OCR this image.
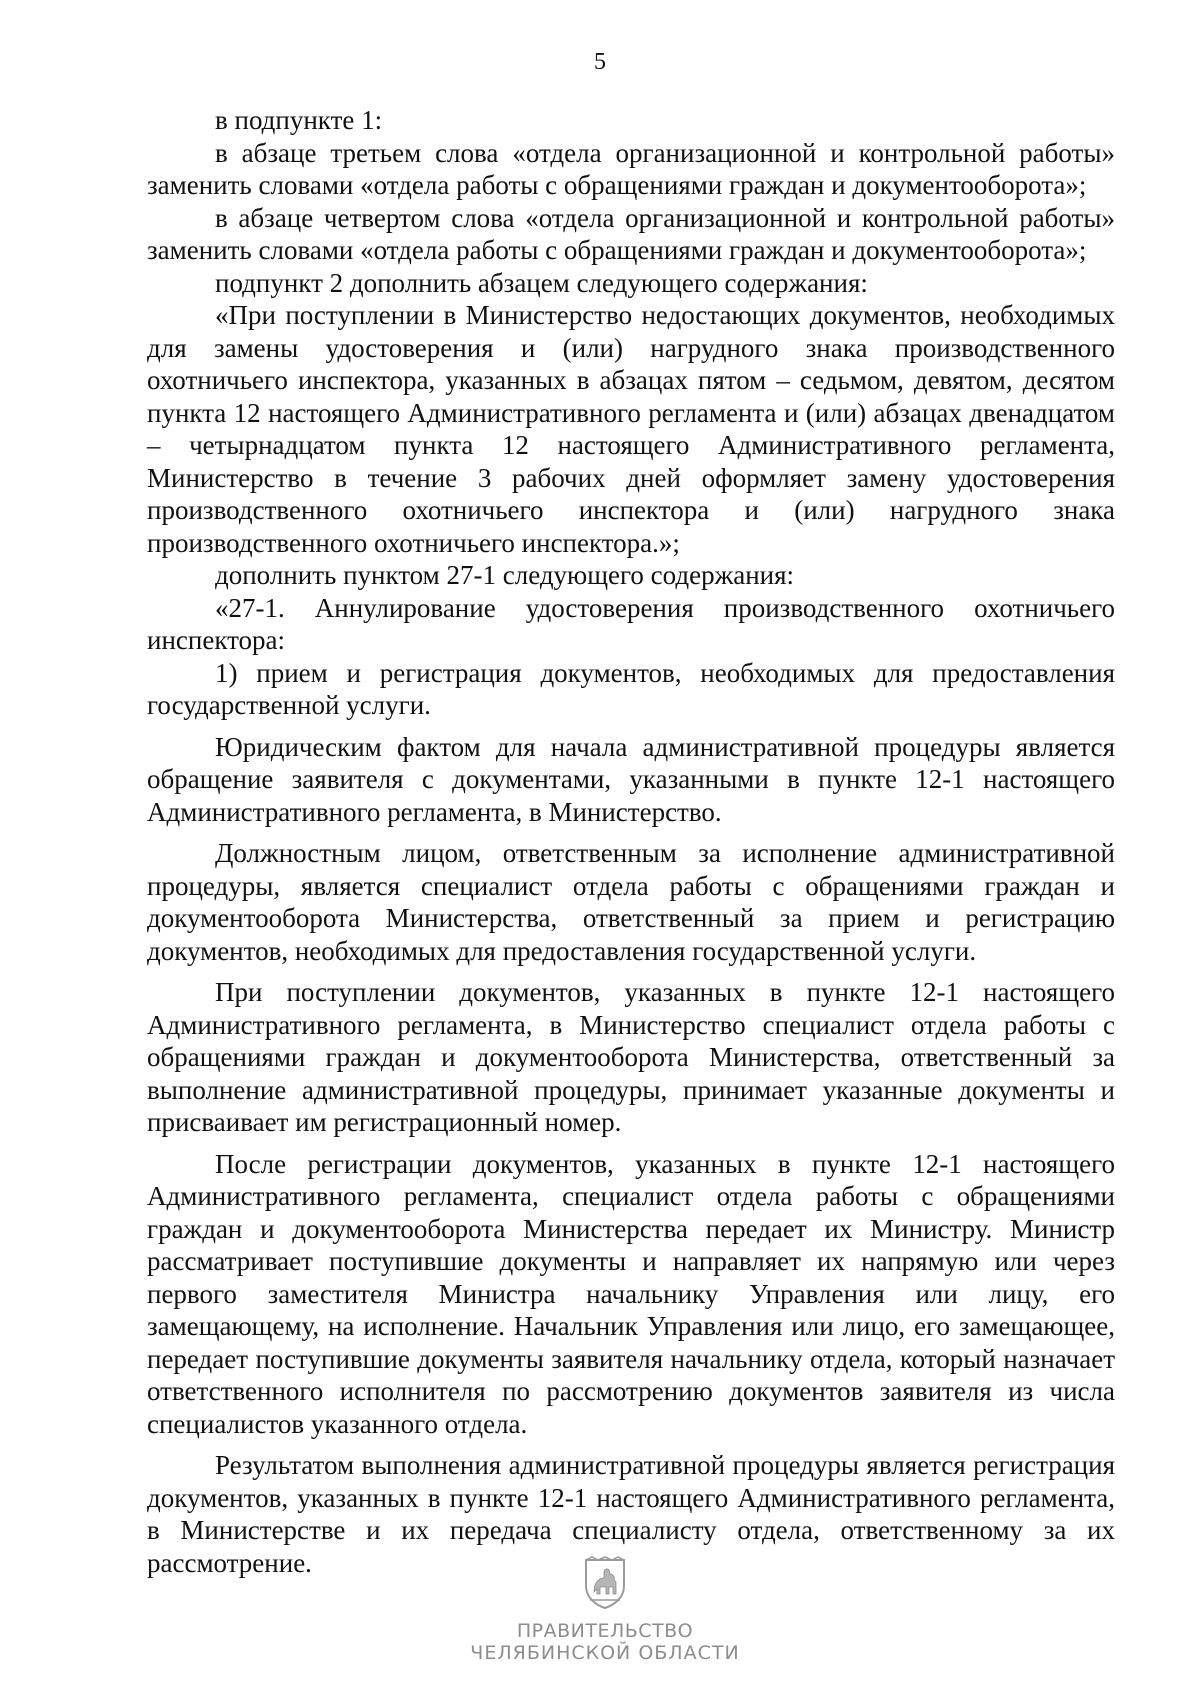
5

в подпункте 1:

в абзаце третьем слова «отдела организационной и контрольной работы» заменить словами «отдела работы с обращениями граждан и документооборота»;

в абзаце четвертом слова «отдела организационной и контрольной работы» заменить словами «отдела работы с обращениями граждан и документооборота»;

подпункт 2 дополнить абзацем следующего содержания:

«При поступлении в Министерство недостающих документов, необходимых для замены удостоверения и (или) нагрудного знака производственного охотничьего инспектора, указанных в абзацах пятом – седьмом, девятом, десятом пункта 12 настоящего Административного регламента и (или) абзацах двенадцатом – четырнадцатом пункта 12 настоящего Административного регламента, Министерство в течение 3 рабочих дней оформляет замену удостоверения производственного охотничьего инспектора и (или) нагрудного знака производственного охотничьего инспектора.»;

дополнить пунктом 27-1 следующего содержания:

«27-1. Аннулирование удостоверения производственного охотничьего инспектора:

1) прием и регистрация документов, необходимых для предоставления государственной услуги.

Юридическим фактом для начала административной процедуры является обращение заявителя с документами, указанными в пункте 12-1 настоящего Административного регламента, в Министерство.

Должностным лицом, ответственным за исполнение административной процедуры, является специалист отдела работы с обращениями граждан и документооборота Министерства, ответственный за прием и регистрацию документов, необходимых для предоставления государственной услуги.

При поступлении документов, указанных в пункте 12-1 настоящего Административного регламента, в Министерство специалист отдела работы с обращениями граждан и документооборота Министерства, ответственный за выполнение административной процедуры, принимает указанные документы и присваивает им регистрационный номер.

После регистрации документов, указанных в пункте 12-1 настоящего Административного регламента, специалист отдела работы с обращениями граждан и документооборота Министерства передает их Министру. Министр рассматривает поступившие документы и направляет их напрямую или через первого заместителя Министра начальнику Управления или лицу, его замещающему, на исполнение. Начальник Управления или лицо, его замещающее, передает поступившие документы заявителя начальнику отдела, который назначает ответственного исполнителя по рассмотрению документов заявителя из числа специалистов указанного отдела.

Результатом выполнения административной процедуры является регистрация документов, указанных в пункте 12-1 настоящего Административного регламента, в Министерстве и их передача специалисту отдела, ответственному за их рассмотрение.

ПРАВИТЕЛЬСТВО
ЧЕЛЯБИНСКОЙ ОБЛАСТИ
